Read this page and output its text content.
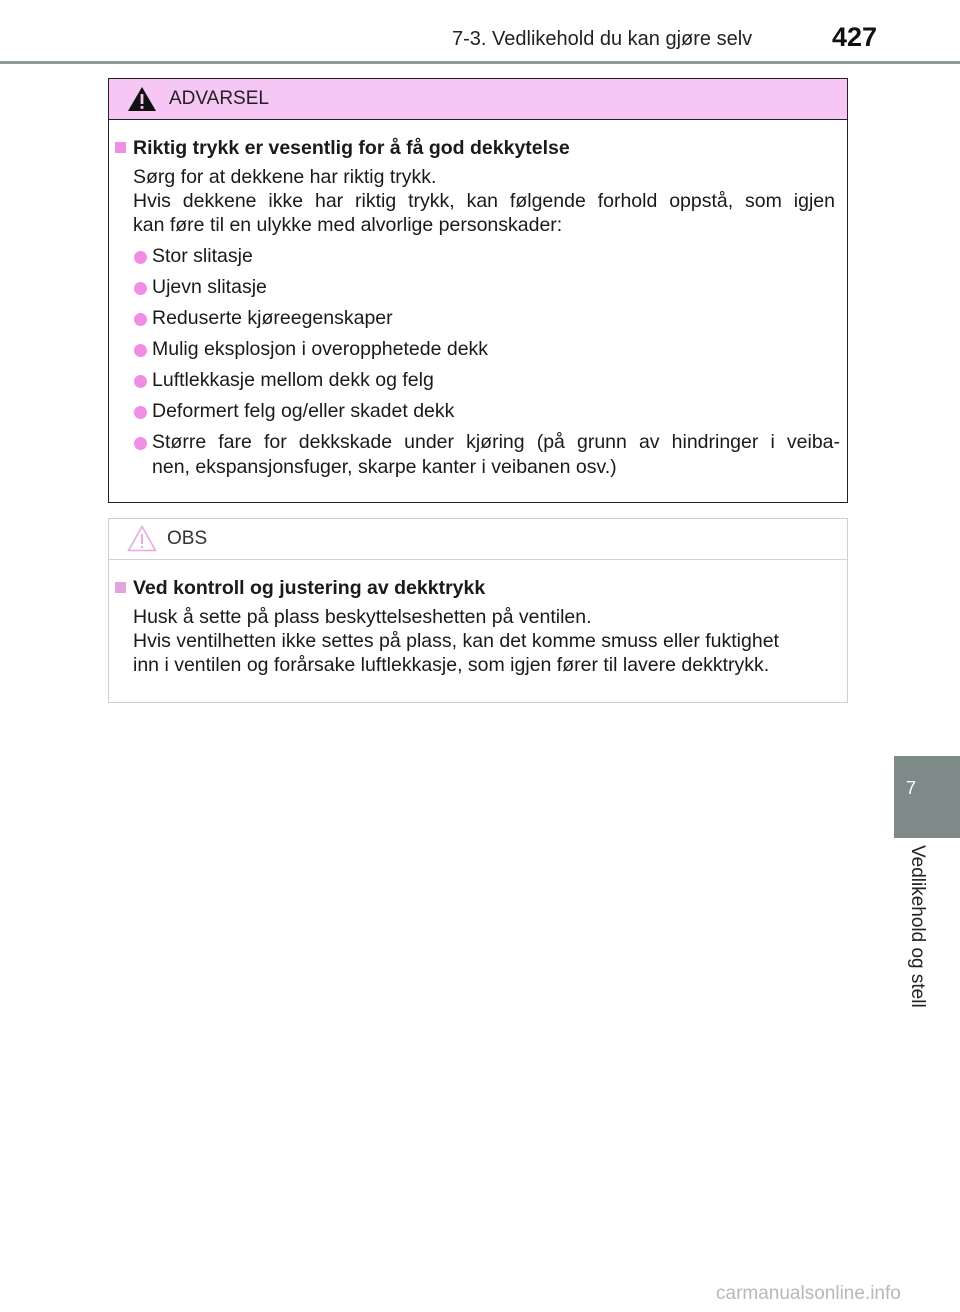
7-3. Vedlikehold du kan gjøre selv	427
ADVARSEL
Riktig trykk er vesentlig for å få god dekkytelse
Sørg for at dekkene har riktig trykk.
Hvis dekkene ikke har riktig trykk, kan følgende forhold oppstå, som igjen
kan føre til en ulykke med alvorlige personskader:
Stor slitasje
Ujevn slitasje
Reduserte kjøreegenskaper
Mulig eksplosjon i overopphetede dekk
Luftlekkasje mellom dekk og felg
Deformert felg og/eller skadet dekk
Større fare for dekkskade under kjøring (på grunn av hindringer i veiba-
nen, ekspansjonsfuger, skarpe kanter i veibanen osv.)
OBS
Ved kontroll og justering av dekktrykk
Husk å sette på plass beskyttelseshetten på ventilen.
Hvis ventilhetten ikke settes på plass, kan det komme smuss eller fuktighet
inn i ventilen og forårsake luftlekkasje, som igjen fører til lavere dekktrykk.
7
Vedlikehold og stell
carmanualsonline.info
